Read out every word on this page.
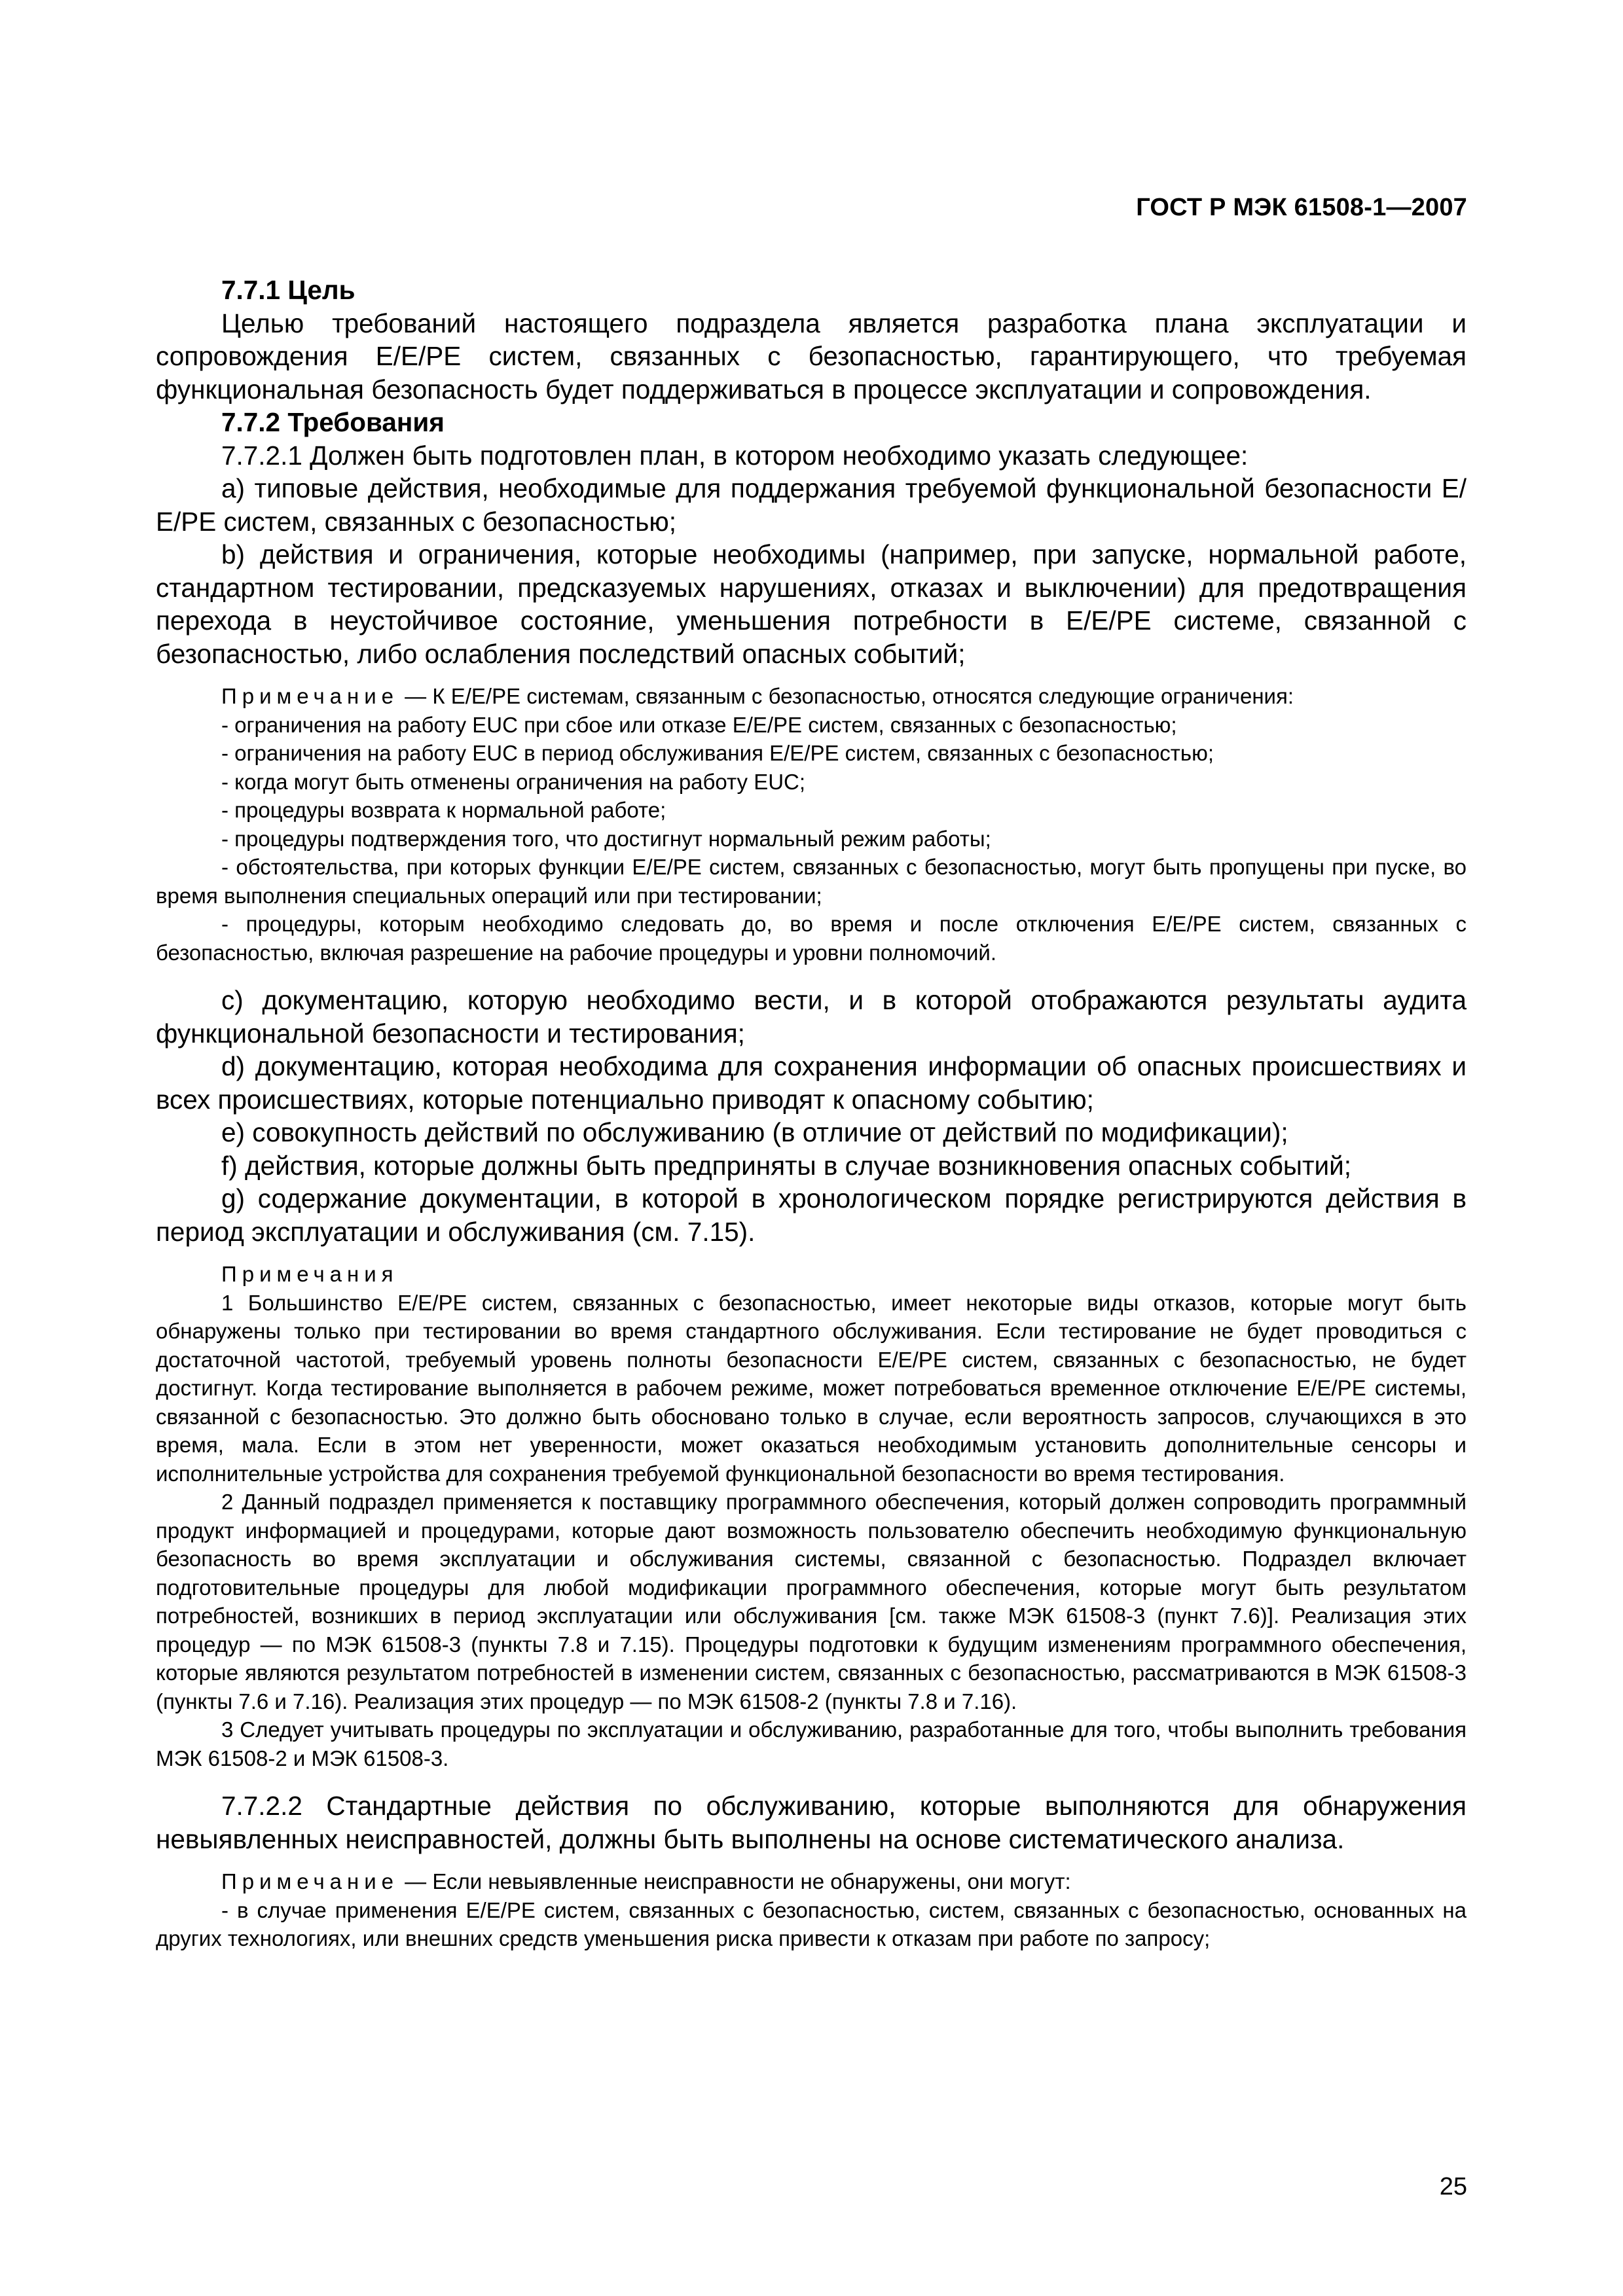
ГОСТ Р МЭК 61508-1—2007

7.7.1 Цель

Целью требований настоящего подраздела является разработка плана эксплуатации и сопровождения Е/Е/РЕ систем, связанных с безопасностью, гарантирующего, что требуемая функциональная безопасность будет поддерживаться в процессе эксплуатации и сопровождения.

7.7.2 Требования

7.7.2.1 Должен быть подготовлен план, в котором необходимо указать следующее:

а) типовые действия, необходимые для поддержания требуемой функциональной безопасности Е/Е/РЕ систем, связанных с безопасностью;

b) действия и ограничения, которые необходимы (например, при запуске, нормальной работе, стандартном тестировании, предсказуемых нарушениях, отказах и выключении) для предотвращения перехода в неустойчивое состояние, уменьшения потребности в Е/Е/РЕ системе, связанной с безопасностью, либо ослабления последствий опасных событий;

Примечание — К Е/Е/РЕ системам, связанным с безопасностью, относятся следующие ограничения:

- ограничения на работу EUC при сбое или отказе Е/Е/РЕ систем, связанных с безопасностью;

- ограничения на работу EUC в период обслуживания Е/Е/РЕ систем, связанных с безопасностью;

- когда могут быть отменены ограничения на работу EUC;

- процедуры возврата к нормальной работе;

- процедуры подтверждения того, что достигнут нормальный режим работы;

- обстоятельства, при которых функции Е/Е/РЕ систем, связанных с безопасностью, могут быть пропущены при пуске, во время выполнения специальных операций или при тестировании;

- процедуры, которым необходимо следовать до, во время и после отключения Е/Е/РЕ систем, связанных с безопасностью, включая разрешение на рабочие процедуры и уровни полномочий.

с) документацию, которую необходимо вести, и в которой отображаются результаты аудита функциональной безопасности и тестирования;

d) документацию, которая необходима для сохранения информации об опасных происшествиях и всех происшествиях, которые потенциально приводят к опасному событию;

е) совокупность действий по обслуживанию (в отличие от действий по модификации);

f) действия, которые должны быть предприняты в случае возникновения опасных событий;

g) содержание документации, в которой в хронологическом порядке регистрируются действия в период эксплуатации и обслуживания (см. 7.15).

Примечания

1 Большинство Е/Е/РЕ систем, связанных с безопасностью, имеет некоторые виды отказов, которые могут быть обнаружены только при тестировании во время стандартного обслуживания. Если тестирование не будет проводиться с достаточной частотой, требуемый уровень полноты безопасности Е/Е/РЕ систем, связанных с безопасностью, не будет достигнут. Когда тестирование выполняется в рабочем режиме, может потребоваться временное отключение Е/Е/РЕ системы, связанной с безопасностью. Это должно быть обосновано только в случае, если вероятность запросов, случающихся в это время, мала. Если в этом нет уверенности, может оказаться необходимым установить дополнительные сенсоры и исполнительные устройства для сохранения требуемой функциональной безопасности во время тестирования.

2 Данный подраздел применяется к поставщику программного обеспечения, который должен сопроводить программный продукт информацией и процедурами, которые дают возможность пользователю обеспечить необходимую функциональную безопасность во время эксплуатации и обслуживания системы, связанной с безопасностью. Подраздел включает подготовительные процедуры для любой модификации программного обеспечения, которые могут быть результатом потребностей, возникших в период эксплуатации или обслуживания [см. также МЭК 61508-3 (пункт 7.6)]. Реализация этих процедур — по МЭК 61508-3 (пункты 7.8 и 7.15). Процедуры подготовки к будущим изменениям программного обеспечения, которые являются результатом потребностей в изменении систем, связанных с безопасностью, рассматриваются в МЭК 61508-3 (пункты 7.6 и 7.16). Реализация этих процедур — по МЭК 61508-2 (пункты 7.8 и 7.16).

3 Следует учитывать процедуры по эксплуатации и обслуживанию, разработанные для того, чтобы выполнить требования МЭК 61508-2 и МЭК 61508-3.

7.7.2.2 Стандартные действия по обслуживанию, которые выполняются для обнаружения невыявленных неисправностей, должны быть выполнены на основе систематического анализа.

Примечание — Если невыявленные неисправности не обнаружены, они могут:

- в случае применения Е/Е/РЕ систем, связанных с безопасностью, систем, связанных с безопасностью, основанных на других технологиях, или внешних средств уменьшения риска привести к отказам при работе по запросу;

25
